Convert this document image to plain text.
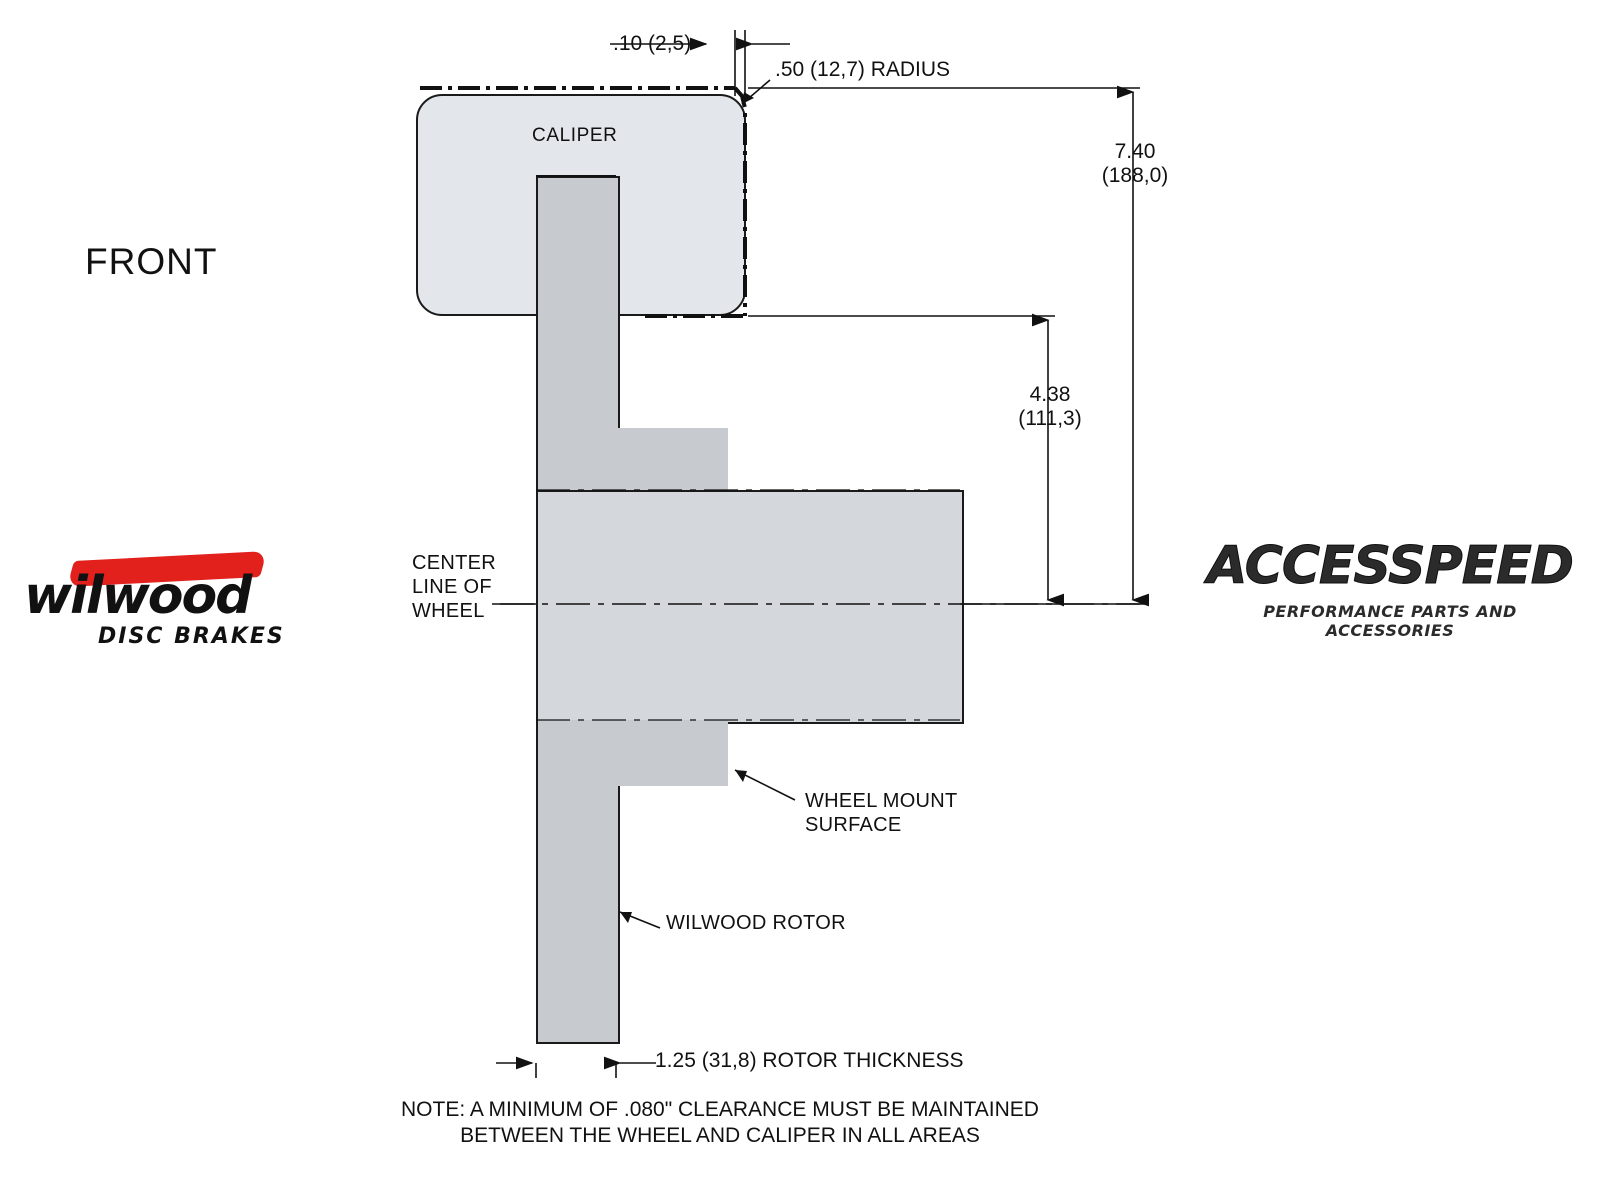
FRONT
.10 (2,5)
.50 (12,7) RADIUS
CALIPER
7.40
(188,0)
4.38
(111,3)
CENTER
LINE OF
WHEEL
WHEEL MOUNT
SURFACE
WILWOOD ROTOR
1.25 (31,8) ROTOR THICKNESS
NOTE: A MINIMUM OF .080" CLEARANCE MUST BE MAINTAINED
BETWEEN THE WHEEL AND CALIPER IN ALL AREAS
wilwood
DISC BRAKES
ACCESSPEED
PERFORMANCE PARTS AND ACCESSORIES
